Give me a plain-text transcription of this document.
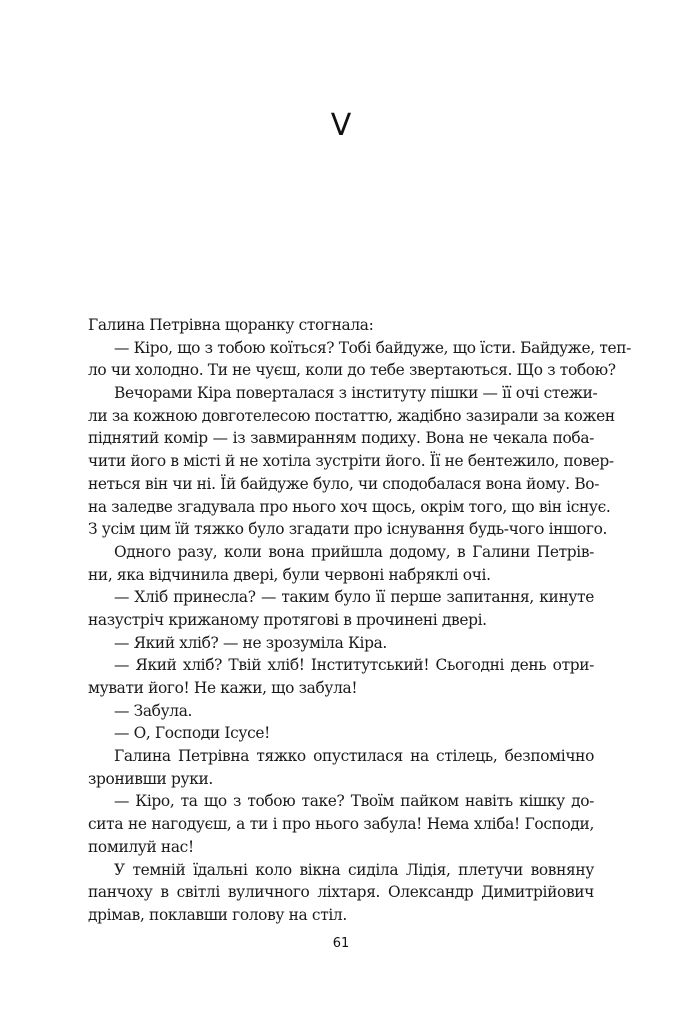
V
Галина Петрівна щоранку стогнала:
— Кіро, що з тобою коїться? Тобі байдуже, що їсти. Байдуже, теп-
ло чи холодно. Ти не чуєш, коли до тебе звертаються. Що з тобою?
Вечорами Кіра поверталася з інституту пішки — її очі стежи-
ли за кожною довготелесою постаттю, жадібно зазирали за кожен
піднятий комір — із завмиранням подиху. Вона не чекала поба-
чити його в місті й не хотіла зустріти його. Її не бентежило, повер-
неться він чи ні. Їй байдуже було, чи сподобалася вона йому. Во-
на заледве згадувала про нього хоч щось, окрім того, що він існує.
З усім цим їй тяжко було згадати про існування будь-чого іншого.
Одного разу, коли вона прийшла додому, в Галини Петрів-
ни, яка відчинила двері, були червоні набряклі очі.
— Хліб принесла? — таким було її перше запитання, кинуте
назустріч крижаному протягові в прочинені двері.
— Який хліб? — не зрозуміла Кіра.
— Який хліб? Твій хліб! Інститутський! Сьогодні день отри-
мувати його! Не кажи, що забула!
— Забула.
— О, Господи Ісусе!
Галина Петрівна тяжко опустилася на стілець, безпомічно
зронивши руки.
— Кіро, та що з тобою таке? Твоїм пайком навіть кішку до-
сита не нагодуєш, а ти і про нього забула! Нема хліба! Господи,
помилуй нас!
У темній їдальні коло вікна сиділа Лідія, плетучи вовняну
панчоху в світлі вуличного ліхтаря. Олександр Димитрійович
дрімав, поклавши голову на стіл.
61
